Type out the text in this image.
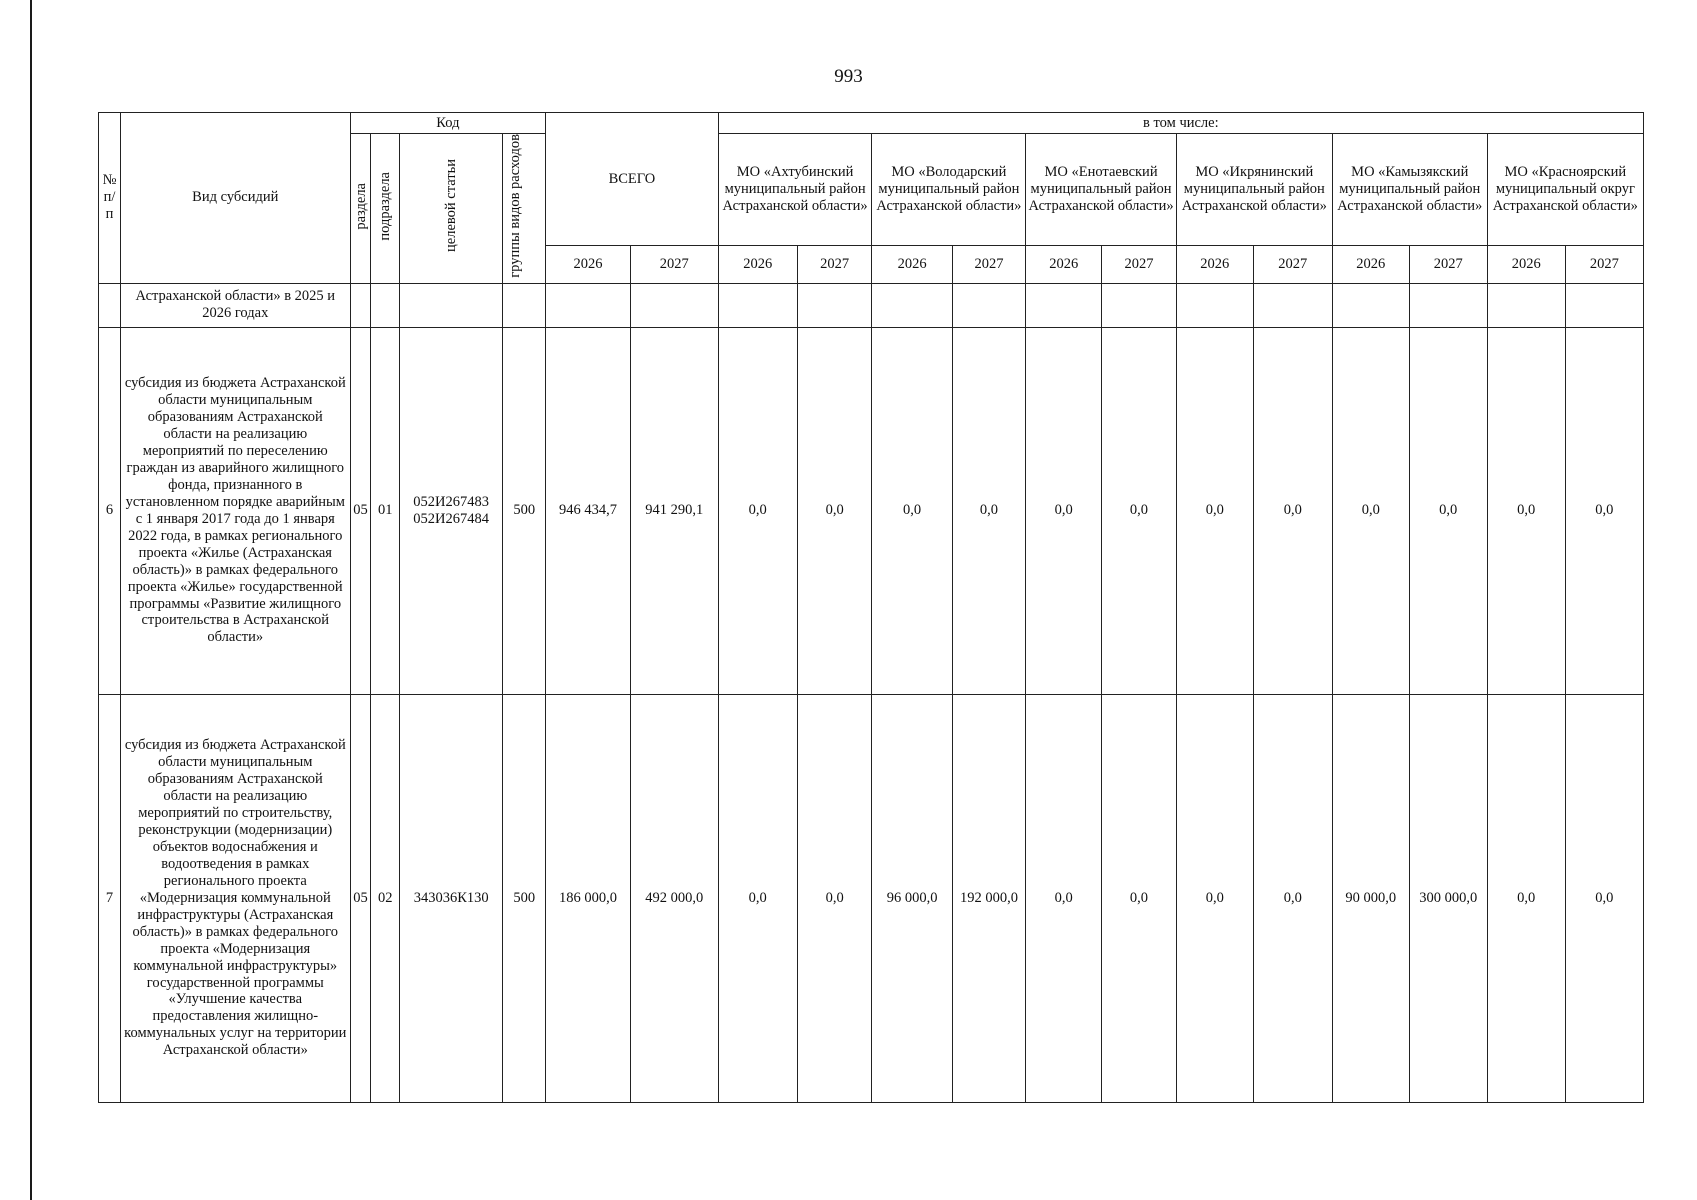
993
№ п/п	Вид субсидий	Код				ВСЕГО		в том числе:											
		раздела	подраздела	целевой статьи	группы видов расходов			МО «Ахтубинский муниципальный район Астраханской области»		МО «Володарский муниципальный район Астраханской области»		МО «Енотаевский муниципальный район Астраханской области»		МО «Икрянинский муниципальный район Астраханской области»		МО «Камызякский муниципальный район Астраханской области»		МО «Красноярский муниципальный округ Астраханской области»	
						2026	2027	2026	2027	2026	2027	2026	2027	2026	2027	2026	2027	2026	2027
	Астраханской области» в 2025 и 2026 годах																		
6	субсидия из бюджета Астраханской области муниципальным образованиям Астраханской области на реализацию мероприятий по переселению граждан из аварийного жилищного фонда, признанного в установленном порядке аварийным с 1 января 2017 года до 1 января 2022 года, в рамках регионального проекта «Жилье (Астраханская область)» в рамках федерального проекта «Жилье» государственной программы «Развитие жилищного строительства в Астраханской области»	05	01	052И267483 052И267484	500	946 434,7	941 290,1	0,0	0,0	0,0	0,0	0,0	0,0	0,0	0,0	0,0	0,0	0,0	0,0
7	субсидия из бюджета Астраханской области муниципальным образованиям Астраханской области на реализацию мероприятий по строительству, реконструкции (модернизации) объектов водоснабжения и водоотведения в рамках регионального проекта «Модернизация коммунальной инфраструктуры (Астраханская область)» в рамках федерального проекта «Модернизация коммунальной инфраструктуры» государственной программы «Улучшение качества предоставления жилищно-коммунальных услуг на территории Астраханской области»	05	02	343036К130	500	186 000,0	492 000,0	0,0	0,0	96 000,0	192 000,0	0,0	0,0	0,0	0,0	90 000,0	300 000,0	0,0	0,0
